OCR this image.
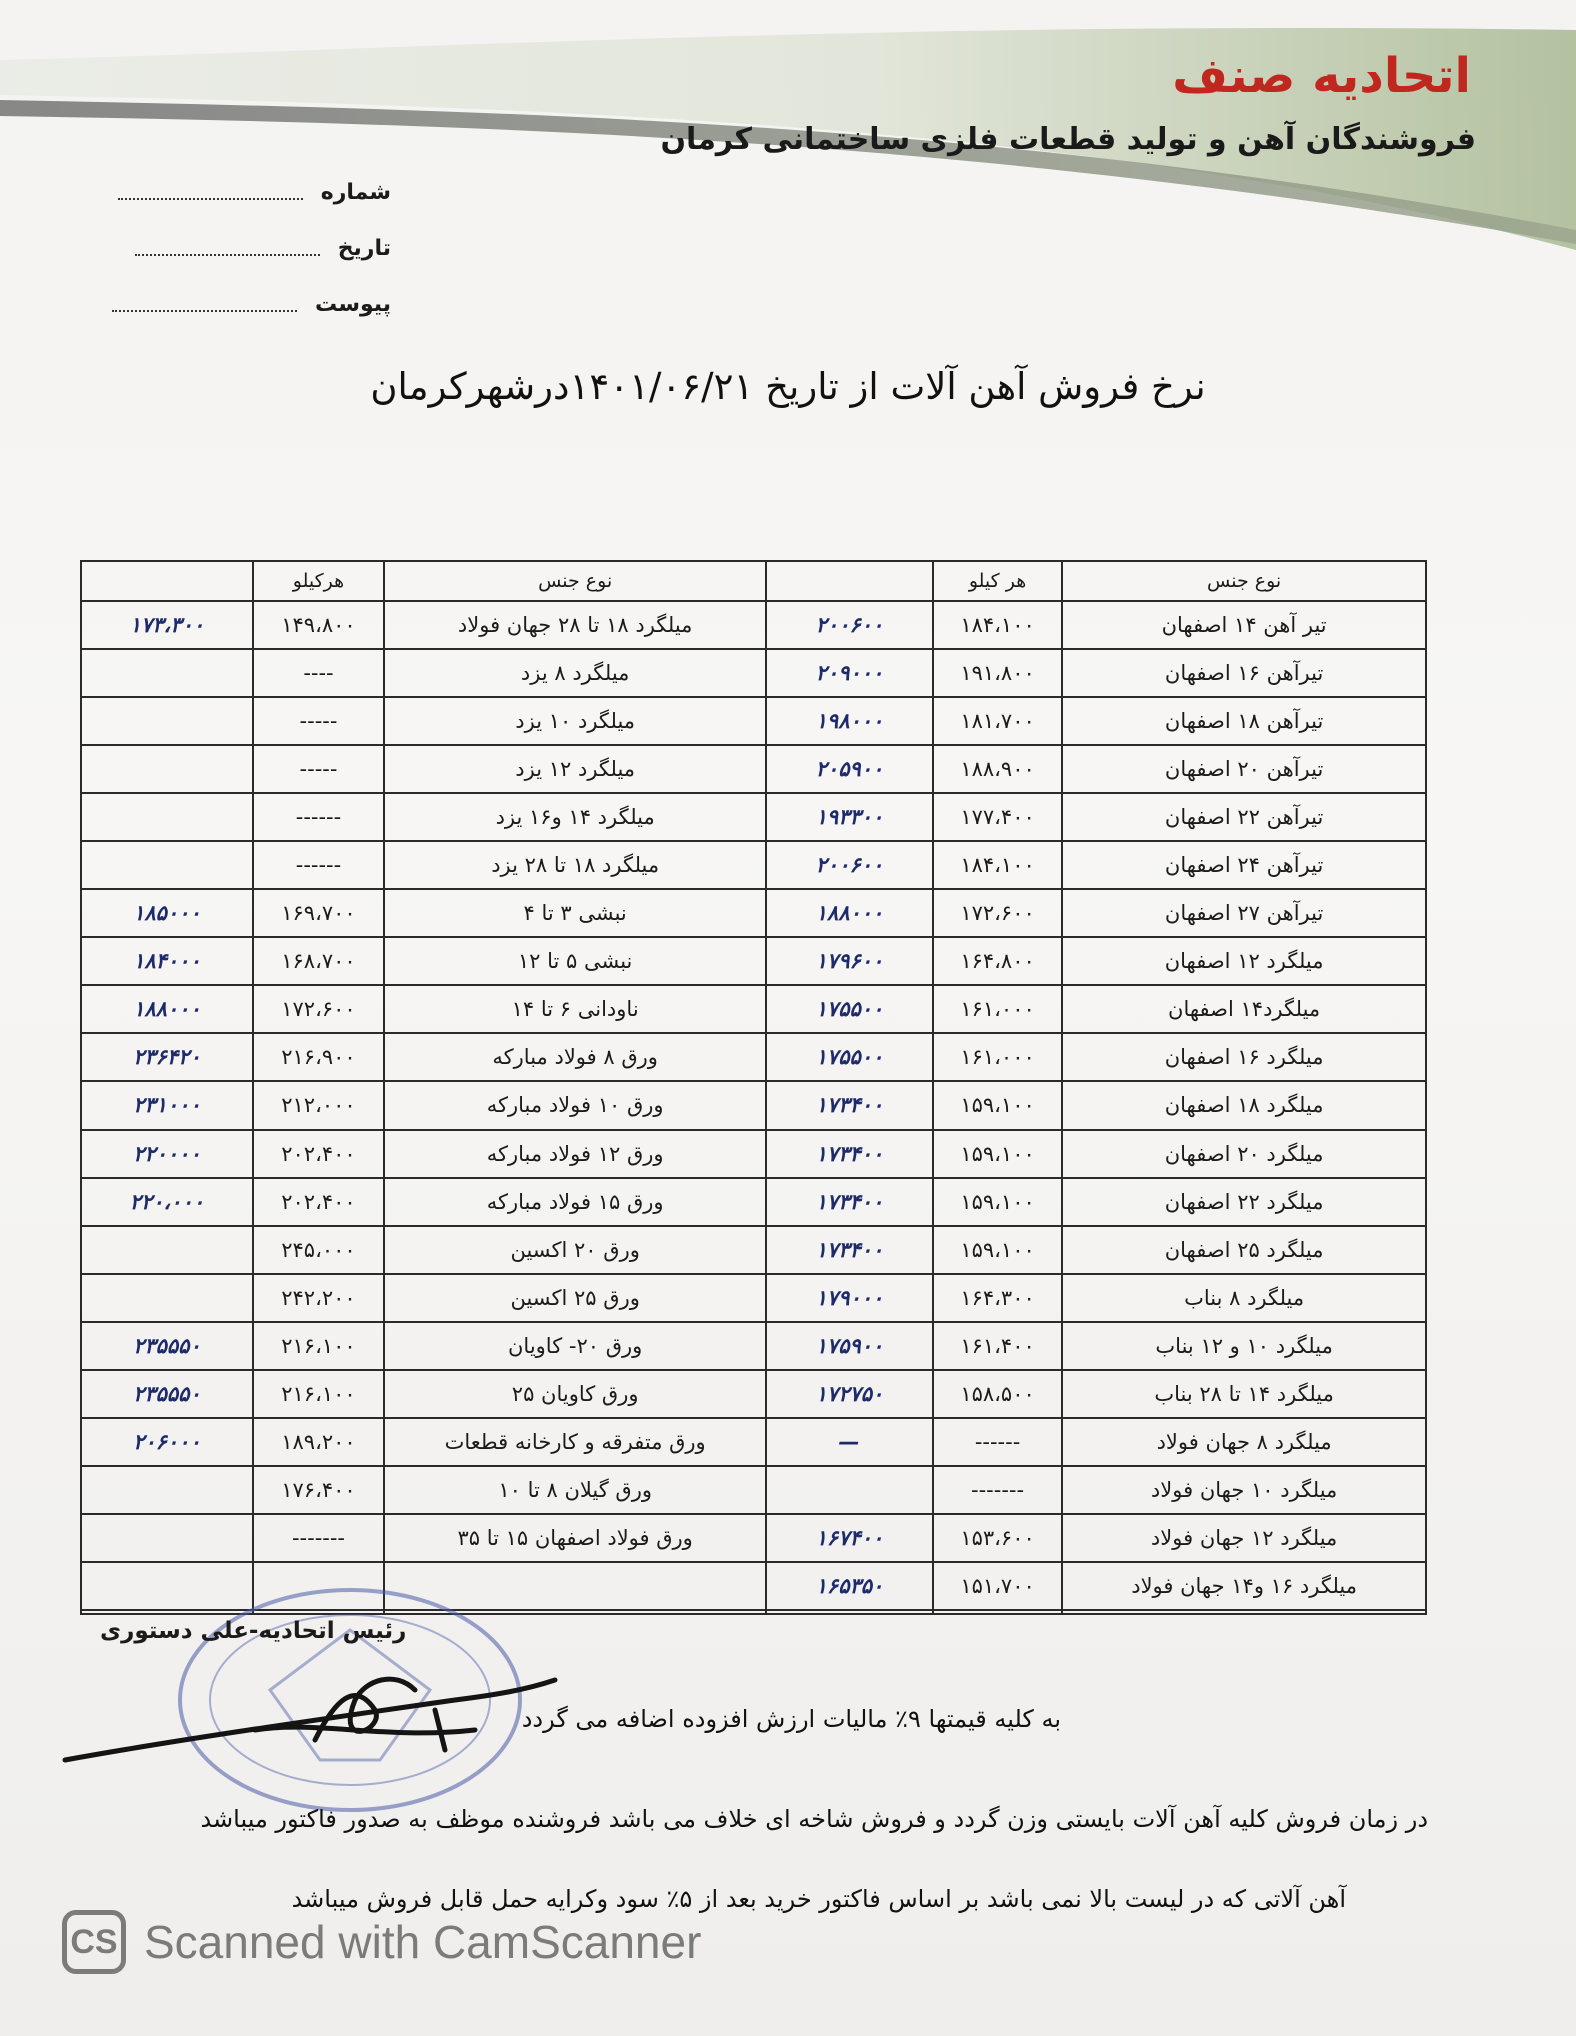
اتحادیه صنف
فروشندگان آهن و تولید قطعات فلزی ساختمانی کرمان
شماره
تاریخ
پیوست
نرخ فروش آهن آلات از تاریخ ۱۴۰۱/۰۶/۲۱درشهرکرمان
نوع جنس	هر کیلو		نوع جنس	هرکیلو	
تیر آهن ۱۴ اصفهان	۱۸۴،۱۰۰	۲۰۰۶۰۰	میلگرد ۱۸ تا ۲۸ جهان فولاد	۱۴۹،۸۰۰	۱۷۳،۳۰۰
تیرآهن ۱۶ اصفهان	۱۹۱،۸۰۰	۲۰۹۰۰۰	میلگرد ۸ یزد	----	
تیرآهن ۱۸ اصفهان	۱۸۱،۷۰۰	۱۹۸۰۰۰	میلگرد ۱۰ یزد	-----	
تیرآهن ۲۰ اصفهان	۱۸۸،۹۰۰	۲۰۵۹۰۰	میلگرد ۱۲ یزد	-----	
تیرآهن ۲۲ اصفهان	۱۷۷،۴۰۰	۱۹۳۳۰۰	میلگرد ۱۴ و۱۶ یزد	------	
تیرآهن ۲۴ اصفهان	۱۸۴،۱۰۰	۲۰۰۶۰۰	میلگرد ۱۸ تا ۲۸ یزد	------	
تیرآهن ۲۷ اصفهان	۱۷۲،۶۰۰	۱۸۸۰۰۰	نبشی ۳ تا ۴	۱۶۹،۷۰۰	۱۸۵۰۰۰
میلگرد ۱۲ اصفهان	۱۶۴،۸۰۰	۱۷۹۶۰۰	نبشی ۵ تا ۱۲	۱۶۸،۷۰۰	۱۸۴۰۰۰
میلگرد۱۴ اصفهان	۱۶۱،۰۰۰	۱۷۵۵۰۰	ناودانی ۶ تا ۱۴	۱۷۲،۶۰۰	۱۸۸۰۰۰
میلگرد ۱۶ اصفهان	۱۶۱،۰۰۰	۱۷۵۵۰۰	ورق ۸ فولاد مبارکه	۲۱۶،۹۰۰	۲۳۶۴۲۰
میلگرد ۱۸ اصفهان	۱۵۹،۱۰۰	۱۷۳۴۰۰	ورق ۱۰ فولاد مبارکه	۲۱۲،۰۰۰	۲۳۱۰۰۰
میلگرد ۲۰ اصفهان	۱۵۹،۱۰۰	۱۷۳۴۰۰	ورق ۱۲ فولاد مبارکه	۲۰۲،۴۰۰	۲۲۰۰۰۰
میلگرد ۲۲ اصفهان	۱۵۹،۱۰۰	۱۷۳۴۰۰	ورق ۱۵ فولاد مبارکه	۲۰۲،۴۰۰	۲۲۰،۰۰۰
میلگرد ۲۵ اصفهان	۱۵۹،۱۰۰	۱۷۳۴۰۰	ورق ۲۰ اکسین	۲۴۵،۰۰۰	
میلگرد ۸ بناب	۱۶۴،۳۰۰	۱۷۹۰۰۰	ورق ۲۵ اکسین	۲۴۲،۲۰۰	
میلگرد ۱۰ و ۱۲ بناب	۱۶۱،۴۰۰	۱۷۵۹۰۰	ورق ۲۰- کاویان	۲۱۶،۱۰۰	۲۳۵۵۵۰
میلگرد ۱۴ تا ۲۸ بناب	۱۵۸،۵۰۰	۱۷۲۷۵۰	ورق کاویان ۲۵	۲۱۶،۱۰۰	۲۳۵۵۵۰
میلگرد ۸ جهان فولاد	------	—	ورق متفرقه و کارخانه قطعات	۱۸۹،۲۰۰	۲۰۶۰۰۰
میلگرد ۱۰ جهان فولاد	-------		ورق گیلان ۸ تا ۱۰	۱۷۶،۴۰۰	
میلگرد ۱۲ جهان فولاد	۱۵۳،۶۰۰	۱۶۷۴۰۰	ورق فولاد اصفهان ۱۵ تا ۳۵	-------	
میلگرد ۱۶ و۱۴ جهان فولاد	۱۵۱،۷۰۰	۱۶۵۳۵۰			

رئیس اتحادیه-علی دستوری
به کلیه قیمتها ۹٪ مالیات ارزش افزوده اضافه می گردد
در زمان فروش کلیه آهن آلات بایستی وزن گردد و فروش شاخه ای خلاف می باشد فروشنده موظف به صدور فاکتور میباشد
آهن آلاتی که در لیست بالا نمی باشد بر اساس فاکتور خرید بعد از ۵٪ سود وکرایه حمل قابل فروش میباشد
CS Scanned with CamScanner
